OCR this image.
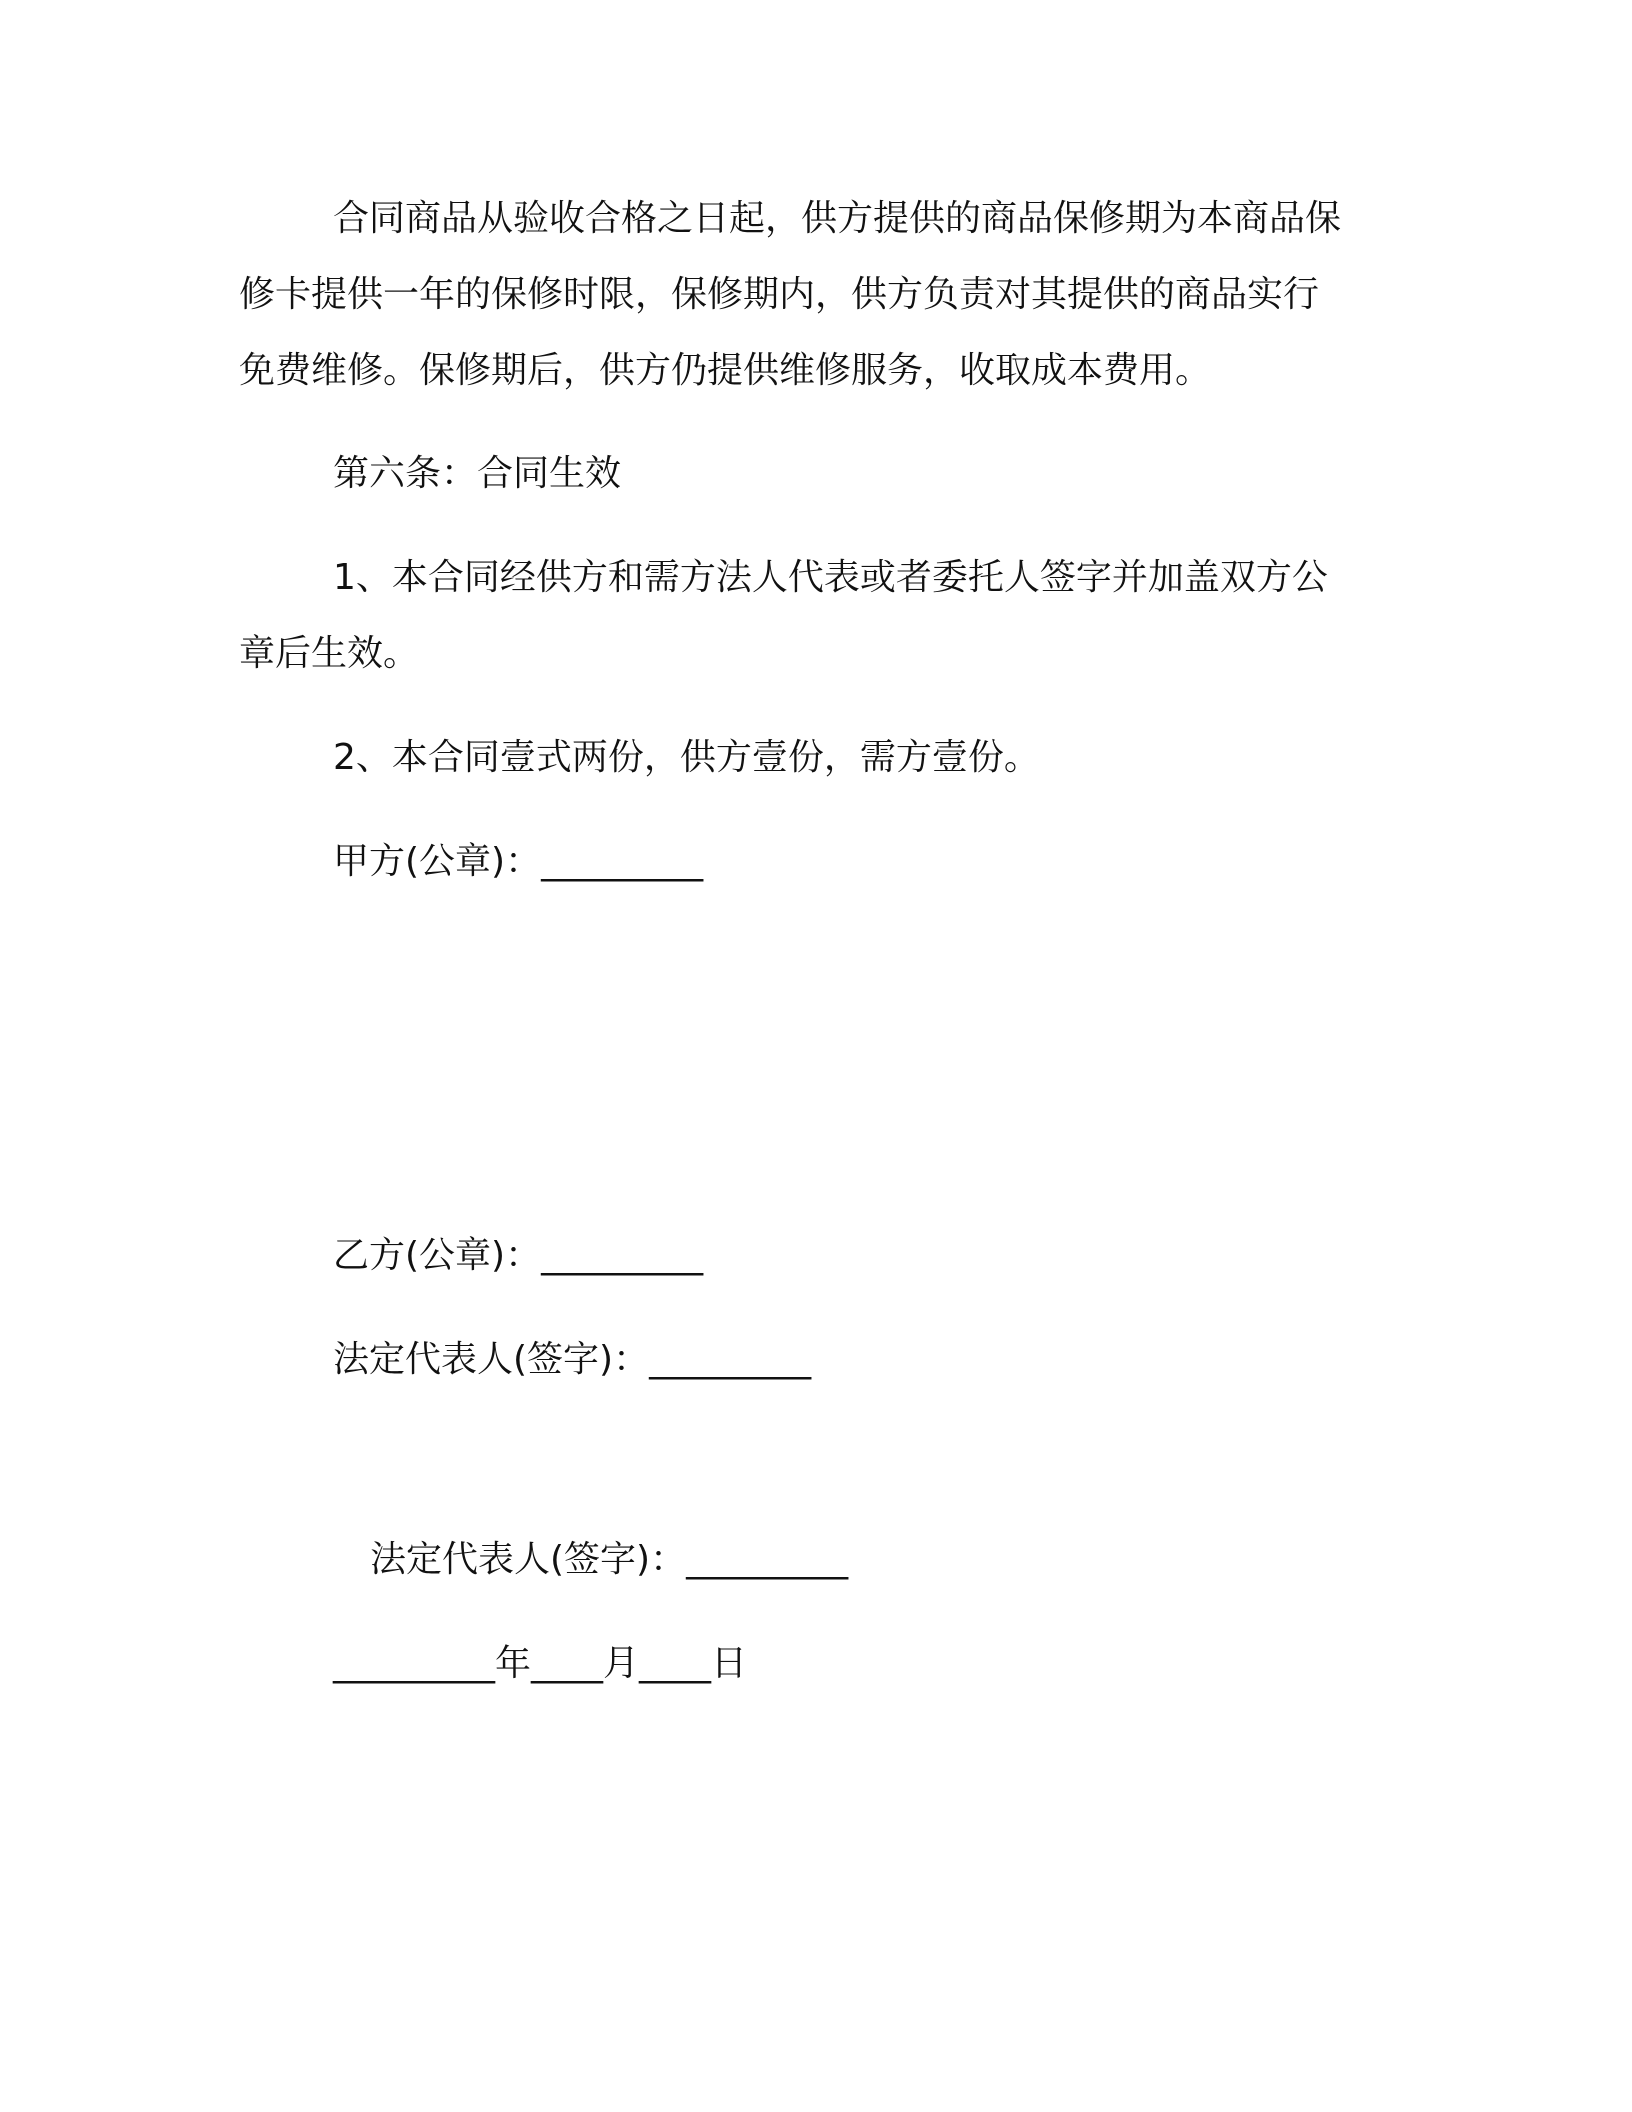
合同商品从验收合格之日起，供方提供的商品保修期为本商品保
修卡提供一年的保修时限，保修期内，供方负责对其提供的商品实行
免费维修。保修期后，供方仍提供维修服务，收取成本费用。
第六条：合同生效
1、本合同经供方和需方法人代表或者委托人签字并加盖双方公
章后生效。
2、本合同壹式两份，供方壹份，需方壹份。
甲方(公章)：_________
乙方(公章)：_________
法定代表人(签字)：_________
法定代表人(签字)：_________
_________年____月____日
